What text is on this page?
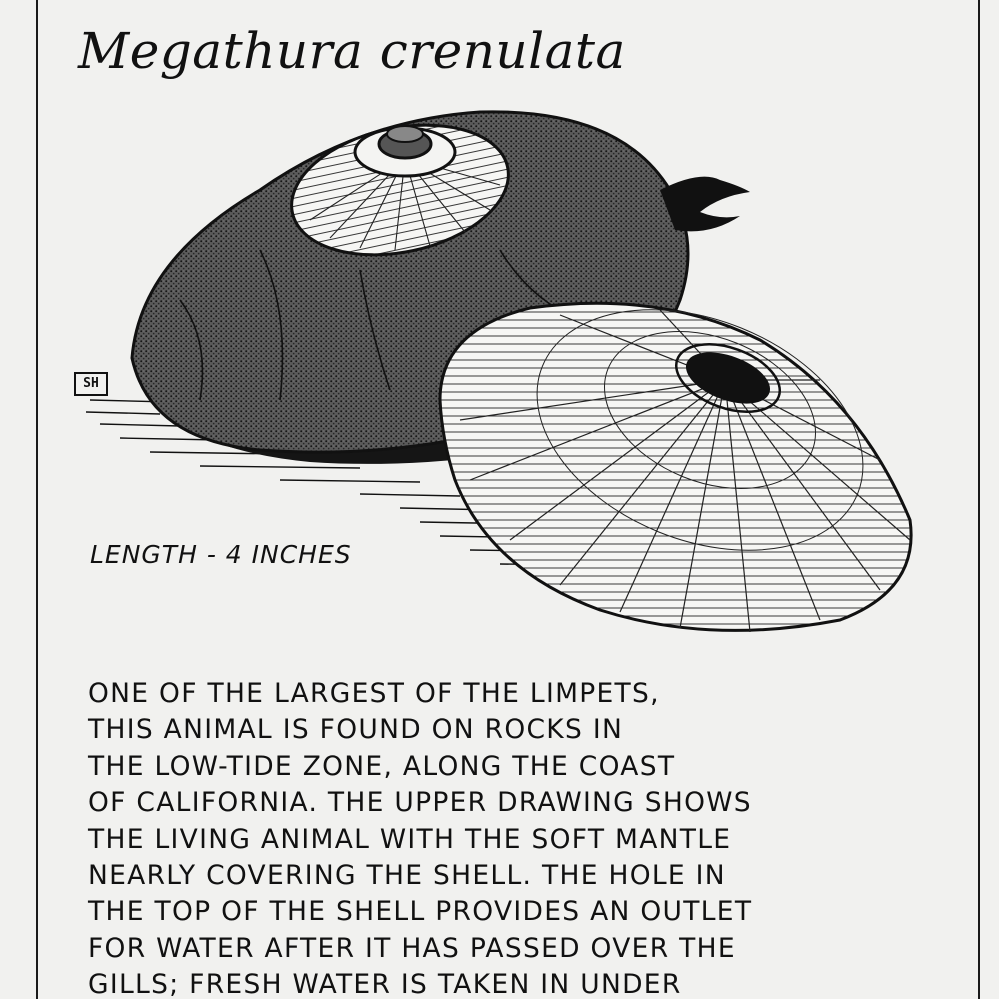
Megathura crenulata
SH
LENGTH - 4 INCHES
ONE OF THE LARGEST OF THE LIMPETS,
THIS ANIMAL IS FOUND ON ROCKS IN
THE LOW-TIDE ZONE, ALONG THE COAST
OF CALIFORNIA. THE UPPER DRAWING SHOWS
THE LIVING ANIMAL WITH THE SOFT MANTLE
NEARLY COVERING THE SHELL. THE HOLE IN
THE TOP OF THE SHELL PROVIDES AN OUTLET
FOR WATER AFTER IT HAS PASSED OVER THE
GILLS; FRESH WATER IS TAKEN IN UNDER
